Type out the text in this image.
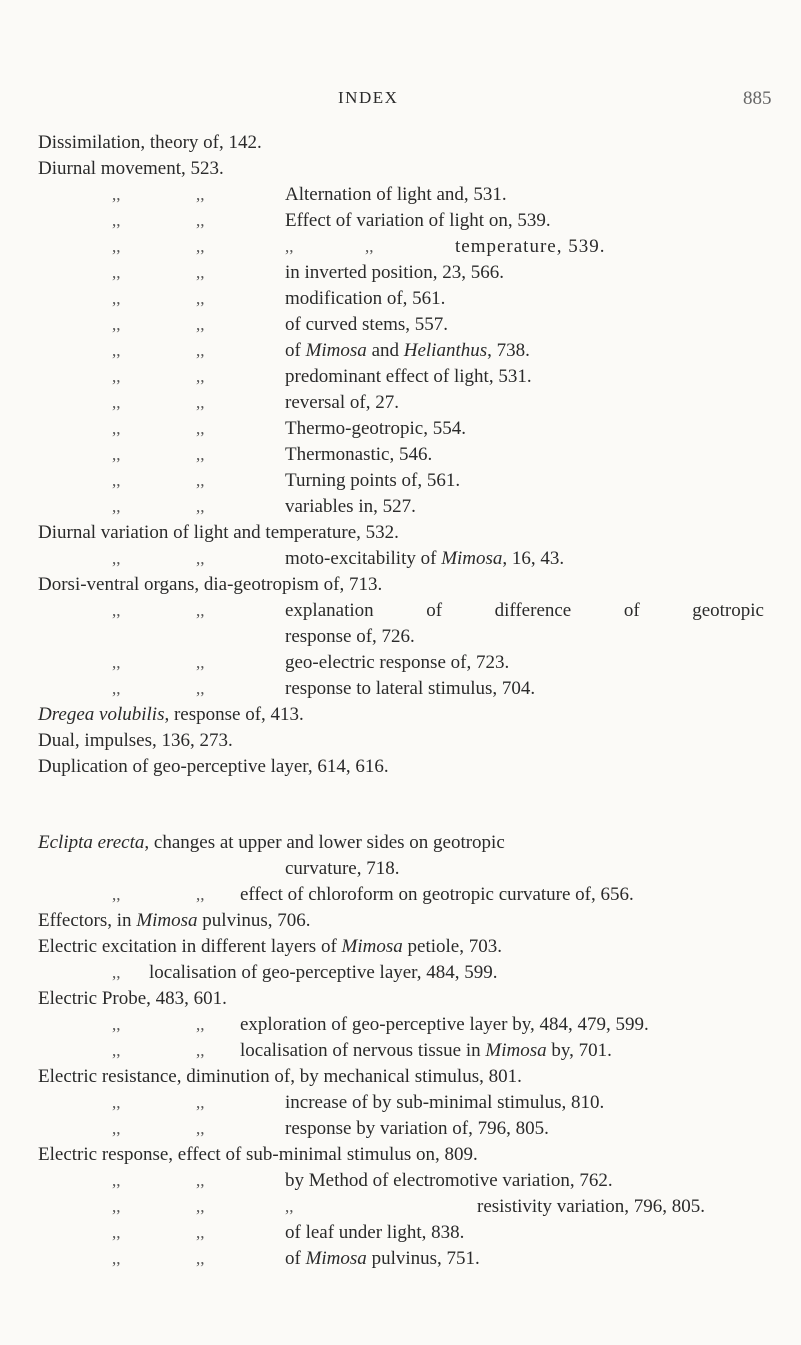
INDEX	885
Dissimilation, theory of, 142.
Diurnal movement, 523.
,,	,,	Alternation of light and, 531.
,,	,,	Effect of variation of light on, 539.
,,	,,	,,	,,	temperature, 539.
,,	,,	in inverted position, 23, 566.
,,	,,	modification of, 561.
,,	,,	of curved stems, 557.
,,	,,	of Mimosa and Helianthus, 738.
,,	,,	predominant effect of light, 531.
,,	,,	reversal of, 27.
,,	,,	Thermo-geotropic, 554.
,,	,,	Thermonastic, 546.
,,	,,	Turning points of, 561.
,,	,,	variables in, 527.
Diurnal variation of light and temperature, 532.
,,	,,	moto-excitability of Mimosa, 16, 43.
Dorsi-ventral organs, dia-geotropism of, 713.
,,	,,	explanation	of	difference	of	geotropic
response of, 726.
,,	,,	geo-electric response of, 723.
,,	,,	response to lateral stimulus, 704.
Dregea volubilis, response of, 413.
Dual, impulses, 136, 273.
Duplication of geo-perceptive layer, 614, 616.
Eclipta erecta, changes at upper and lower sides on geotropic
curvature, 718.
,,	,, effect of chloroform on geotropic curvature of, 656.
Effectors, in Mimosa pulvinus, 706.
Electric excitation in different layers of Mimosa petiole, 703.
,, localisation of geo-perceptive layer, 484, 599.
Electric Probe, 483, 601.
,,	,, exploration of geo-perceptive layer by, 484, 479, 599.
,,	,, localisation of nervous tissue in Mimosa by, 701.
Electric resistance, diminution of, by mechanical stimulus, 801.
,,	,,	increase of by sub-minimal stimulus, 810.
,,	,,	response by variation of, 796, 805.
Electric response, effect of sub-minimal stimulus on, 809.
,,	,,	by Method of electromotive variation, 762.
,,	,,	,,	resistivity variation, 796, 805.
,,	,,	of leaf under light, 838.
,,	,,	of Mimosa pulvinus, 751.
